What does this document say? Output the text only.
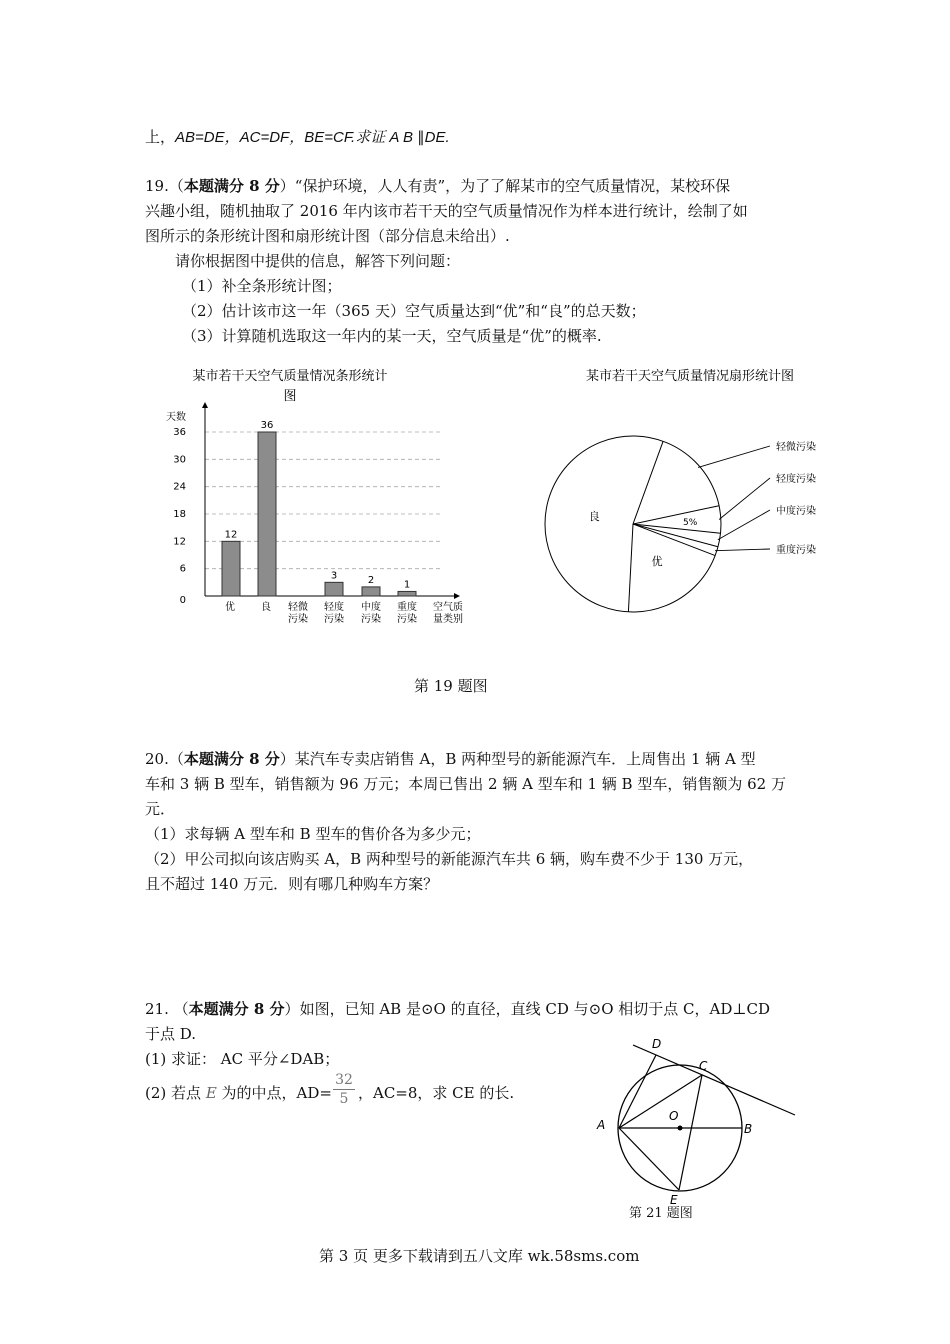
上，AB=DE，AC=DF，BE=CF.求证 A B ∥DE.
19.（本题满分 8 分）“保护环境，人人有责”，为了了解某市的空气质量情况，某校环保
兴趣小组，随机抽取了 2016 年内该市若干天的空气质量情况作为样本进行统计，绘制了如
图所示的条形统计图和扇形统计图（部分信息未给出）.
请你根据图中提供的信息，解答下列问题：
（1）补全条形统计图；
（2）估计该市这一年（365 天）空气质量达到“优”和“良”的总天数；
（3）计算随机选取这一年内的某一天，空气质量是“优”的概率.
某市若干天空气质量情况条形统计
图
天数
0
6
12
18
24
30
36
12
优
36
良 轻微
污染
3
轻度
污染
2
中度
污染
1
重度
污染
空气质
量类别
某市若干天空气质量情况扇形统计图
良
优
5%
轻微污染
轻度污染
中度污染
重度污染
第 19 题图
20.（本题满分 8 分）某汽车专卖店销售 A，B 两种型号的新能源汽车．上周售出 1 辆 A 型
车和 3 辆 B 型车，销售额为 96 万元；本周已售出 2 辆 A 型车和 1 辆 B 型车，销售额为 62 万
元．
（1）求每辆 A 型车和 B 型车的售价各为多少元；
（2）甲公司拟向该店购买 A，B 两种型号的新能源汽车共 6 辆，购车费不少于 130 万元，
且不超过 140 万元．则有哪几种购车方案？
21. （本题满分 8 分）如图，已知 AB 是⊙O 的直径，直线 CD 与⊙O 相切于点 C，AD⊥CD
于点 D.
(1) 求证： AC 平分∠DAB；
(2) 若点 E 为的中点，AD= ，AC=8，求 CE 的长.
$\frac{32}{5}$
D
C
O
A	B
E
第 21 题图
第 3 页 更多下载请到五八文库 wk.58sms.com
